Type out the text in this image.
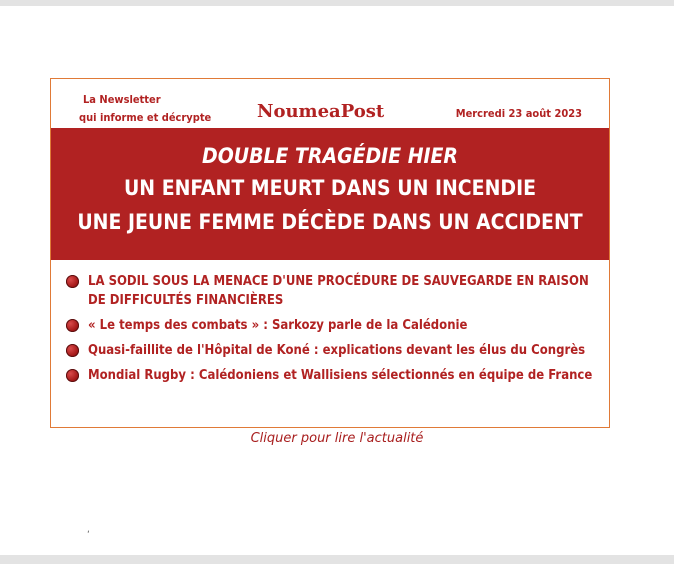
La Newsletter
qui informe et décrypte	NoumeaPost	Mercredi 23 août 2023
DOUBLE TRAGÉDIE HIER
UN ENFANT MEURT DANS UN INCENDIE
UNE JEUNE FEMME DÉCÈDE DANS UN ACCIDENT
LA SODIL SOUS LA MENACE D'UNE PROCÉDURE DE SAUVEGARDE EN RAISON DE DIFFICULTÉS FINANCIÈRES
« Le temps des combats » : Sarkozy parle de la Calédonie
Quasi-faillite de l'Hôpital de Koné : explications devant les élus du Congrès
Mondial Rugby : Calédoniens et Wallisiens sélectionnés en équipe de France
Cliquer pour lire l'actualité
‘
